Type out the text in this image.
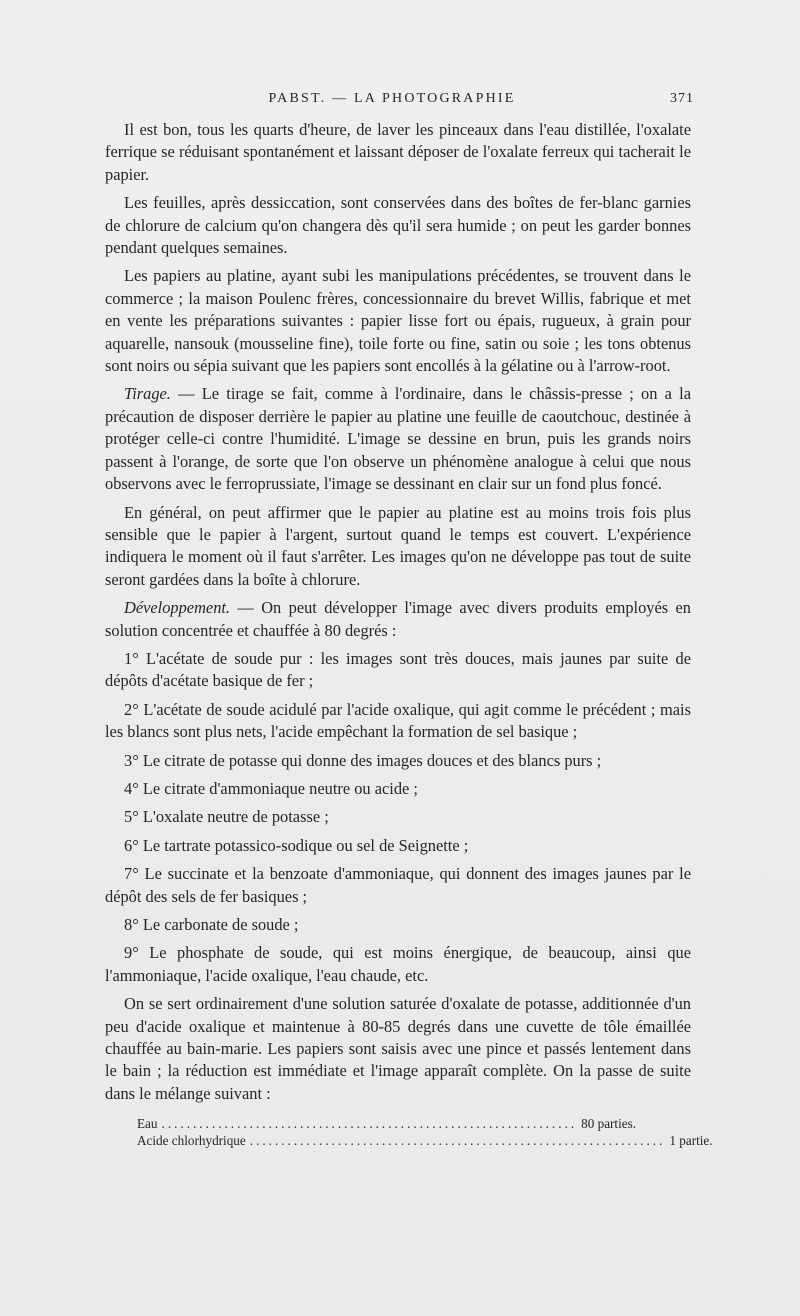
PABST. — LA PHOTOGRAPHIE	371

Il est bon, tous les quarts d'heure, de laver les pinceaux dans l'eau distillée, l'oxalate ferrique se réduisant spontanément et laissant déposer de l'oxalate ferreux qui tacherait le papier.

Les feuilles, après dessiccation, sont conservées dans des boîtes de fer-blanc garnies de chlorure de calcium qu'on changera dès qu'il sera humide ; on peut les garder bonnes pendant quelques semaines.

Les papiers au platine, ayant subi les manipulations précédentes, se trouvent dans le commerce ; la maison Poulenc frères, concessionnaire du brevet Willis, fabrique et met en vente les préparations suivantes : papier lisse fort ou épais, rugueux, à grain pour aquarelle, nansouk (mousseline fine), toile forte ou fine, satin ou soie ; les tons obtenus sont noirs ou sépia suivant que les papiers sont encollés à la gélatine ou à l'arrow-root.

Tirage. — Le tirage se fait, comme à l'ordinaire, dans le châssis-presse ; on a la précaution de disposer derrière le papier au platine une feuille de caoutchouc, destinée à protéger celle-ci contre l'humidité. L'image se dessine en brun, puis les grands noirs passent à l'orange, de sorte que l'on observe un phénomène analogue à celui que nous observons avec le ferroprussiate, l'image se dessinant en clair sur un fond plus foncé.

En général, on peut affirmer que le papier au platine est au moins trois fois plus sensible que le papier à l'argent, surtout quand le temps est couvert. L'expérience indiquera le moment où il faut s'arrêter. Les images qu'on ne développe pas tout de suite seront gardées dans la boîte à chlorure.

Développement. — On peut développer l'image avec divers produits employés en solution concentrée et chauffée à 80 degrés :

1° L'acétate de soude pur : les images sont très douces, mais jaunes par suite de dépôts d'acétate basique de fer ;

2° L'acétate de soude acidulé par l'acide oxalique, qui agit comme le précédent ; mais les blancs sont plus nets, l'acide empêchant la formation de sel basique ;

3° Le citrate de potasse qui donne des images douces et des blancs purs ;

4° Le citrate d'ammoniaque neutre ou acide ;

5° L'oxalate neutre de potasse ;

6° Le tartrate potassico-sodique ou sel de Seignette ;

7° Le succinate et la benzoate d'ammoniaque, qui donnent des images jaunes par le dépôt des sels de fer basiques ;

8° Le carbonate de soude ;

9° Le phosphate de soude, qui est moins énergique, de beaucoup, ainsi que l'ammoniaque, l'acide oxalique, l'eau chaude, etc.

On se sert ordinairement d'une solution saturée d'oxalate de potasse, additionnée d'un peu d'acide oxalique et maintenue à 80-85 degrés dans une cuvette de tôle émaillée chauffée au bain-marie. Les papiers sont saisis avec une pince et passés lentement dans le bain ; la réduction est immédiate et l'image apparaît complète. On la passe de suite dans le mélange suivant :

Eau .................................................................. 80 parties.
Acide chlorhydrique .................................................................. 1 partie.
